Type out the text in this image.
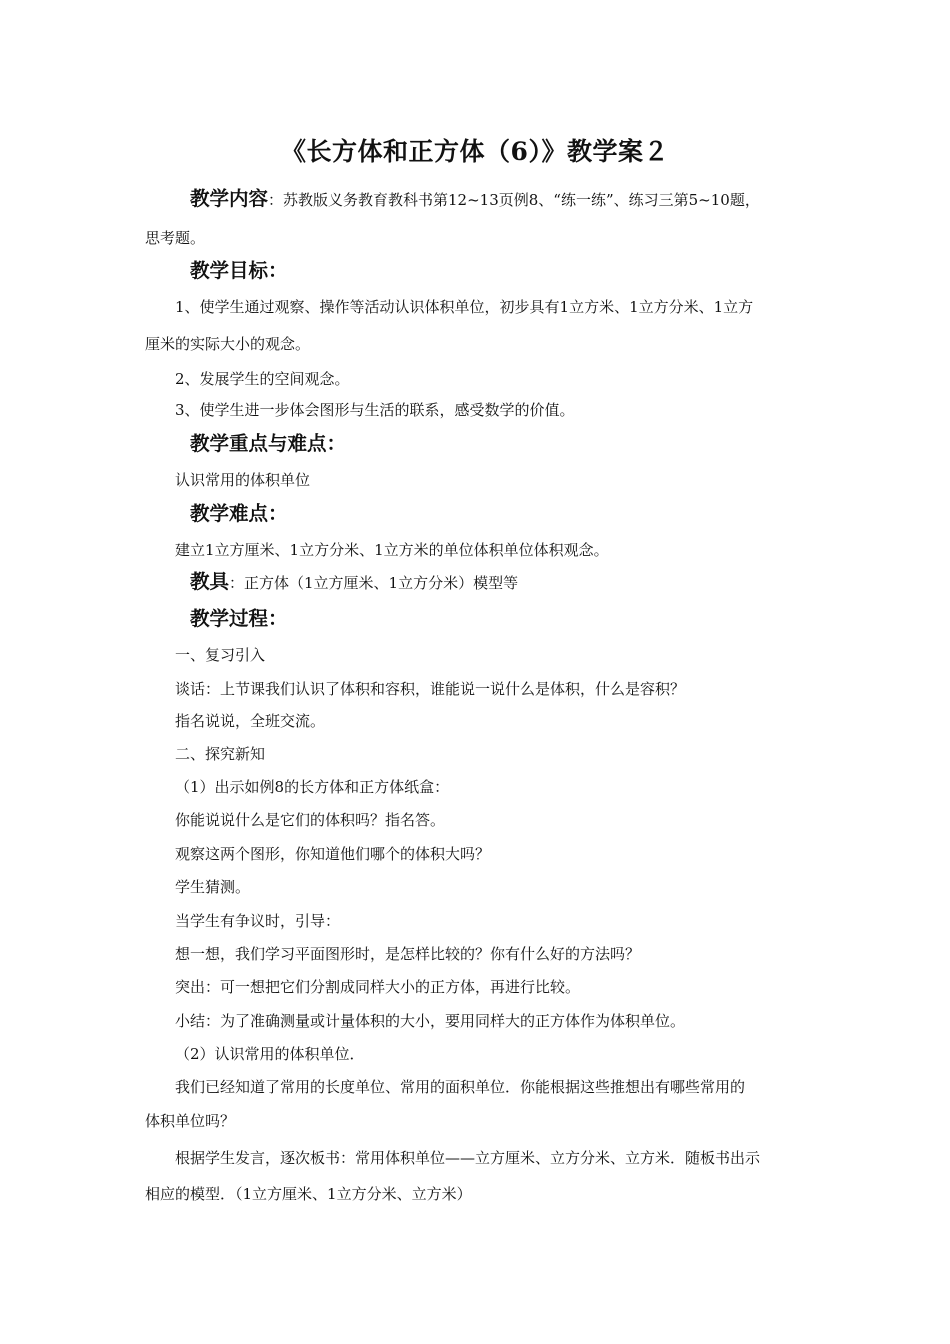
《长方体和正方体（6）》教学案２
教学内容：苏教版义务教育教科书第12~13页例8、“练一练”、练习三第5~10题，
思考题。
教学目标：
1、使学生通过观察、操作等活动认识体积单位，初步具有1立方米、1立方分米、1立方
厘米的实际大小的观念。
2、发展学生的空间观念。
3、使学生进一步体会图形与生活的联系，感受数学的价值。
教学重点与难点：
认识常用的体积单位
教学难点：
建立1立方厘米、1立方分米、1立方米的单位体积单位体积观念。
教具：正方体（1立方厘米、1立方分米）模型等
教学过程：
一、复习引入
谈话：上节课我们认识了体积和容积，谁能说一说什么是体积，什么是容积？
指名说说，全班交流。
二、探究新知
（1）出示如例8的长方体和正方体纸盒：
你能说说什么是它们的体积吗？指名答。
观察这两个图形，你知道他们哪个的体积大吗？
学生猜测。
当学生有争议时，引导：
想一想，我们学习平面图形时，是怎样比较的？你有什么好的方法吗？
突出：可一想把它们分割成同样大小的正方体，再进行比较。
小结：为了准确测量或计量体积的大小，要用同样大的正方体作为体积单位。
（2）认识常用的体积单位．
我们已经知道了常用的长度单位、常用的面积单位．你能根据这些推想出有哪些常用的
体积单位吗？
根据学生发言，逐次板书：常用体积单位——立方厘米、立方分米、立方米．随板书出示
相应的模型．（1立方厘米、1立方分米、立方米）
